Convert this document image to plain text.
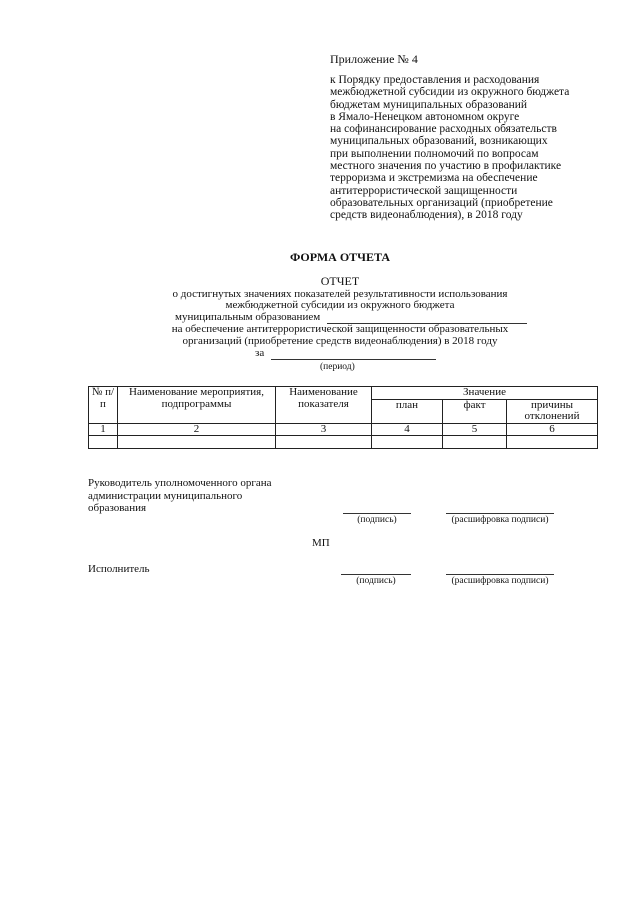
Приложение № 4
к Порядку предоставления и расходования
межбюджетной субсидии из окружного бюджета
бюджетам муниципальных образований
в Ямало-Ненецком автономном округе
на софинансирование расходных обязательств
муниципальных образований, возникающих
при выполнении полномочий по вопросам
местного значения по участию в профилактике
терроризма и экстремизма на обеспечение
антитеррористической защищенности
образовательных организаций (приобретение
средств видеонаблюдения), в 2018 году
ФОРМА ОТЧЕТА
ОТЧЕТ
о достигнутых значениях показателей результативности использования
межбюджетной субсидии из окружного бюджета
муниципальным образованием
на обеспечение антитеррористической защищенности образовательных
организаций (приобретение средств видеонаблюдения) в 2018 году
за
(период)
№ п/п	Наименование мероприятия, подпрограммы	Наименование показателя	Значение		
			план	факт	причины отклонений
1	2	3	4	5	6

Руководитель уполномоченного органа
администрации муниципального
образования
(подпись)	(расшифровка подписи)
МП
Исполнитель
(подпись)	(расшифровка подписи)
